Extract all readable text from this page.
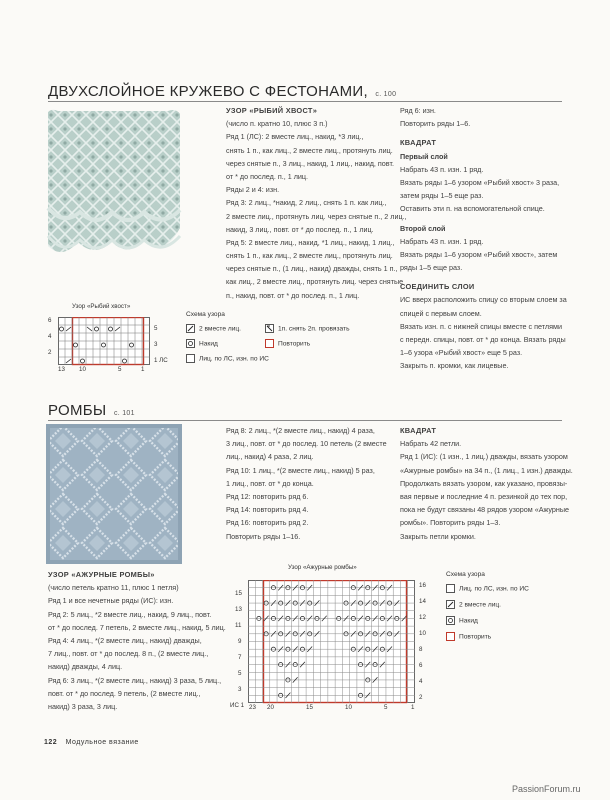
ДВУХСЛОЙНОЕ КРУЖЕВО С ФЕСТОНАМИ, с. 100
УЗОР «РЫБИЙ ХВОСТ»
(число п. кратно 10, плюс 3 п.)
Ряд 1 (ЛС): 2 вместе лиц., накид, *3 лиц.,
снять 1 п., как лиц., 2 вместе лиц., протянуть лиц.
через снятые п., 3 лиц., накид, 1 лиц., накид, повт.
от * до послед. п., 1 лиц.
Ряды 2 и 4: изн.
Ряд 3: 2 лиц., *накид, 2 лиц., снять 1 п. как лиц.,
2 вместе лиц., протянуть лиц. через снятые п., 2 лиц.,
накид, 3 лиц., повт. от * до послед. п., 1 лиц.
Ряд 5: 2 вместе лиц., накид, *1 лиц., накид, 1 лиц.,
снять 1 п., как лиц., 2 вместе лиц., протянуть лиц.
через снятые п., (1 лиц., накид) дважды, снять 1 п.,
как лиц., 2 вместе лиц., протянуть лиц. через снятые
п., накид, повт. от * до послед. п., 1 лиц.
Ряд 6: изн.
Повторить ряды 1–6.
КВАДРАТ
Первый слой
Набрать 43 п. изн. 1 ряд.
Вязать ряды 1–6 узором «Рыбий хвост» 3 раза,
затем ряды 1–5 еще раз.
Оставить эти п. на вспомогательной спице.
Второй слой
Набрать 43 п. изн. 1 ряд.
Вязать ряды 1–6 узором «Рыбий хвост», затем
ряды 1–5 еще раз.
СОЕДИНИТЬ СЛОИ
ИС вверх расположить спицу со вторым слоем за
спицей с первым слоем.
Вязать изн. п. с нижней спицы вместе с петлями
с передн. спицы, повт. от * до конца. Вязать ряды
1–6 узора «Рыбий хвост» еще 5 раз.
Закрыть п. кромки, как лицевые.
Узор «Рыбий хвост»
6
4
2
5
3
1 ЛС
13 10	5	1
Схема узора
2 вместе лиц.
Накид
Лиц. по ЛС, изн. по ИС
1п. снять 2п. провязать
Повторить
РОМБЫ с. 101
Ряд 8: 2 лиц., *(2 вместе лиц., накид) 4 раза,
3 лиц., повт. от * до послед. 10 петель (2 вместе
лиц., накид) 4 раза, 2 лиц.
Ряд 10: 1 лиц., *(2 вместе лиц., накид) 5 раз,
1 лиц., повт. от * до конца.
Ряд 12: повторить ряд 6.
Ряд 14: повторить ряд 4.
Ряд 16: повторить ряд 2.
Повторить ряды 1–16.
КВАДРАТ
Набрать 42 петли.
Ряд 1 (ИС): (1 изн., 1 лиц.) дважды, вязать узором
«Ажурные ромбы» на 34 п., (1 лиц., 1 изн.) дважды.
Продолжать вязать узором, как указано, провязы-
вая первые и последние 4 п. резинкой до тех пор,
пока не будут связаны 48 рядов узором «Ажурные
ромбы». Повторить ряды 1–3.
Закрыть петли кромки.
УЗОР «АЖУРНЫЕ РОМБЫ»
(число петель кратно 11, плюс 1 петля)
Ряд 1 и все нечетные ряды (ИС): изн.
Ряд 2: 5 лиц., *2 вместе лиц., накид, 9 лиц., повт.
от * до послед. 7 петель, 2 вместе лиц., накид, 5 лиц.
Ряд 4: 4 лиц., *(2 вместе лиц., накид) дважды,
7 лиц., повт. от * до послед. 8 п., (2 вместе лиц.,
накид) дважды, 4 лиц.
Ряд 6: 3 лиц., *(2 вместе лиц., накид) 3 раза, 5 лиц.,
повт. от * до послед. 9 петель, (2 вместе лиц.,
накид) 3 раза, 3 лиц.
Узор «Ажурные ромбы»
15
13
11
9
7
5
3
ИС 1
16
14
12
10
8
6
4
2
23 20	15	10	5	1
Схема узора
Лиц. по ЛС, изн. по ИС
2 вместе лиц.
Накид
Повторить
122 Модульное вязание
PassionForum.ru
